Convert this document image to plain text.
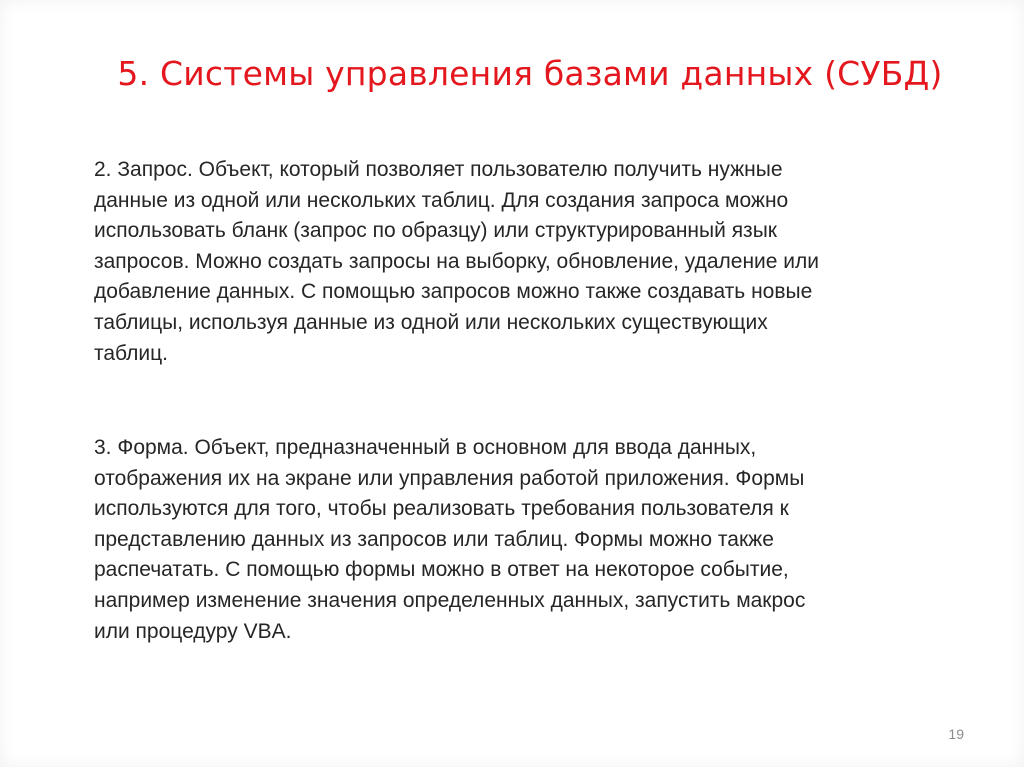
5. Системы управления базами данных (СУБД)
2. Запрос. Объект, который позволяет пользователю получить нужные
данные из одной или нескольких таблиц. Для создания запроса можно
использовать бланк (запрос по образцу) или структурированный язык
запросов. Можно создать запросы на выборку, обновление, удаление или
добавление данных. С помощью запросов можно также создавать новые
таблицы, используя данные из одной или нескольких существующих
таблиц.
3. Форма. Объект, предназначенный в основном для ввода данных,
отображения их на экране или управления работой приложения. Формы
используются для того, чтобы реализовать требования пользователя к
представлению данных из запросов или таблиц. Формы можно также
распечатать. С помощью формы можно в ответ на некоторое событие,
например изменение значения определенных данных, запустить макрос
или процедуру VBA.
19
